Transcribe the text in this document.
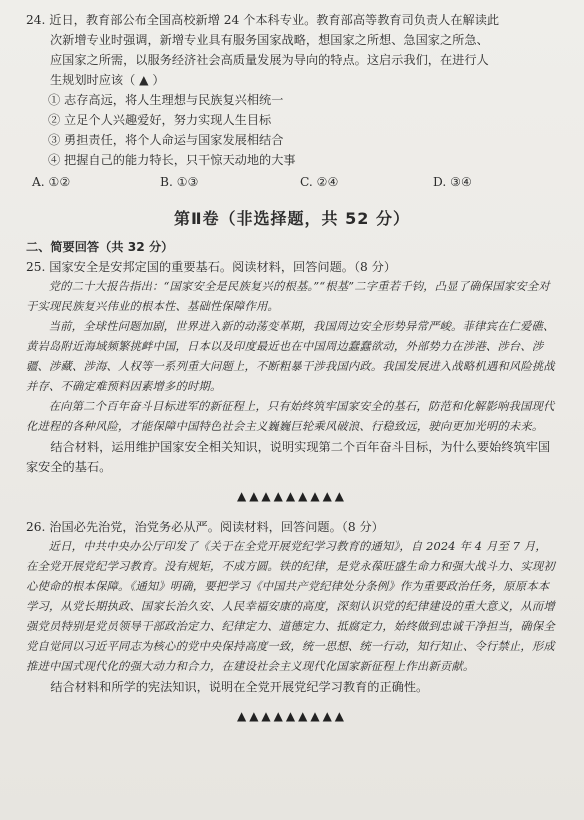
24. 近日，教育部公布全国高校新增 24 个本科专业。教育部高等教育司负责人在解读此
次新增专业时强调，新增专业具有服务国家战略，想国家之所想、急国家之所急、
应国家之所需，以服务经济社会高质量发展为导向的特点。这启示我们，在进行人
生规划时应该（ ▲ ）
① 志存高远，将人生理想与民族复兴相统一
② 立足个人兴趣爱好，努力实现人生目标
③ 勇担责任，将个人命运与国家发展相结合
④ 把握自己的能力特长，只干惊天动地的大事
A. ①②	B. ①③	C. ②④	D. ③④
第Ⅱ卷（非选择题，共 52 分）
二、简要回答（共 32 分）
25. 国家安全是安邦定国的重要基石。阅读材料，回答问题。（8 分）
党的二十大报告指出：“国家安全是民族复兴的根基。”“根基”二字重若千钧，凸显了确保国家安全对于实现民族复兴伟业的根本性、基础性保障作用。
当前，全球性问题加剧，世界进入新的动荡变革期，我国周边安全形势异常严峻。菲律宾在仁爱礁、黄岩岛附近海域频繁挑衅中国，日本以及印度最近也在中国周边蠢蠢欲动，外部势力在涉港、涉台、涉疆、涉藏、涉海、人权等一系列重大问题上，不断粗暴干涉我国内政。我国发展进入战略机遇和风险挑战并存、不确定难预料因素增多的时期。
在向第二个百年奋斗目标进军的新征程上，只有始终筑牢国家安全的基石，防范和化解影响我国现代化进程的各种风险，才能保障中国特色社会主义巍巍巨轮乘风破浪、行稳致远，驶向更加光明的未来。
结合材料，运用维护国家安全相关知识，说明实现第二个百年奋斗目标，为什么要始终筑牢国家安全的基石。
▲▲▲▲▲▲▲▲▲
26. 治国必先治党，治党务必从严。阅读材料，回答问题。（8 分）
近日，中共中央办公厅印发了《关于在全党开展党纪学习教育的通知》，自 2024 年 4 月至 7 月，在全党开展党纪学习教育。没有规矩，不成方圆。铁的纪律，是党永葆旺盛生命力和强大战斗力、实现初心使命的根本保障。《通知》明确，要把学习《中国共产党纪律处分条例》作为重要政治任务，原原本本学习，从党长期执政、国家长治久安、人民幸福安康的高度，深刻认识党的纪律建设的重大意义，从而增强党员特别是党员领导干部政治定力、纪律定力、道德定力、抵腐定力，始终做到忠诚干净担当，确保全党自觉同以习近平同志为核心的党中央保持高度一致，统一思想、统一行动，知行知止、令行禁止，形成推进中国式现代化的强大动力和合力，在建设社会主义现代化国家新征程上作出新贡献。
结合材料和所学的宪法知识，说明在全党开展党纪学习教育的正确性。
▲▲▲▲▲▲▲▲▲
